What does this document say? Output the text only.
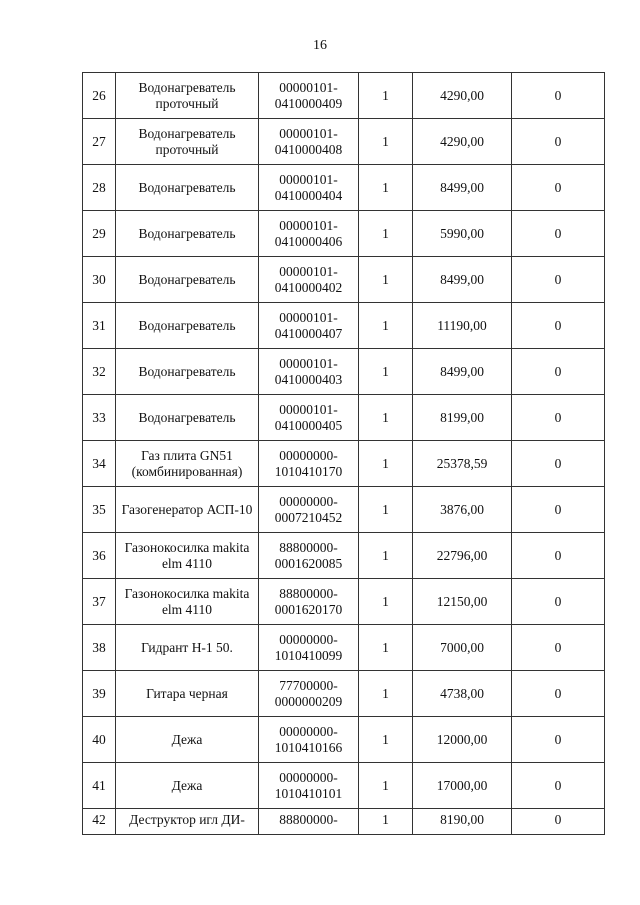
16
26	Водонагреватель проточный	00000101-0410000409	1	4290,00	0
27	Водонагреватель проточный	00000101-0410000408	1	4290,00	0
28	Водонагреватель	00000101-0410000404	1	8499,00	0
29	Водонагреватель	00000101-0410000406	1	5990,00	0
30	Водонагреватель	00000101-0410000402	1	8499,00	0
31	Водонагреватель	00000101-0410000407	1	11190,00	0
32	Водонагреватель	00000101-0410000403	1	8499,00	0
33	Водонагреватель	00000101-0410000405	1	8199,00	0
34	Газ плита GN51 (комбинированная)	00000000-1010410170	1	25378,59	0
35	Газогенератор АСП-10	00000000-0007210452	1	3876,00	0
36	Газонокосилка makita elm 4110	88800000-0001620085	1	22796,00	0
37	Газонокосилка makita elm 4110	88800000-0001620170	1	12150,00	0
38	Гидрант Н-1 50.	00000000-1010410099	1	7000,00	0
39	Гитара черная	77700000-0000000209	1	4738,00	0
40	Дежа	00000000-1010410166	1	12000,00	0
41	Дежа	00000000-1010410101	1	17000,00	0
42	Деструктор игл ДИ-	88800000-	1	8190,00	0
